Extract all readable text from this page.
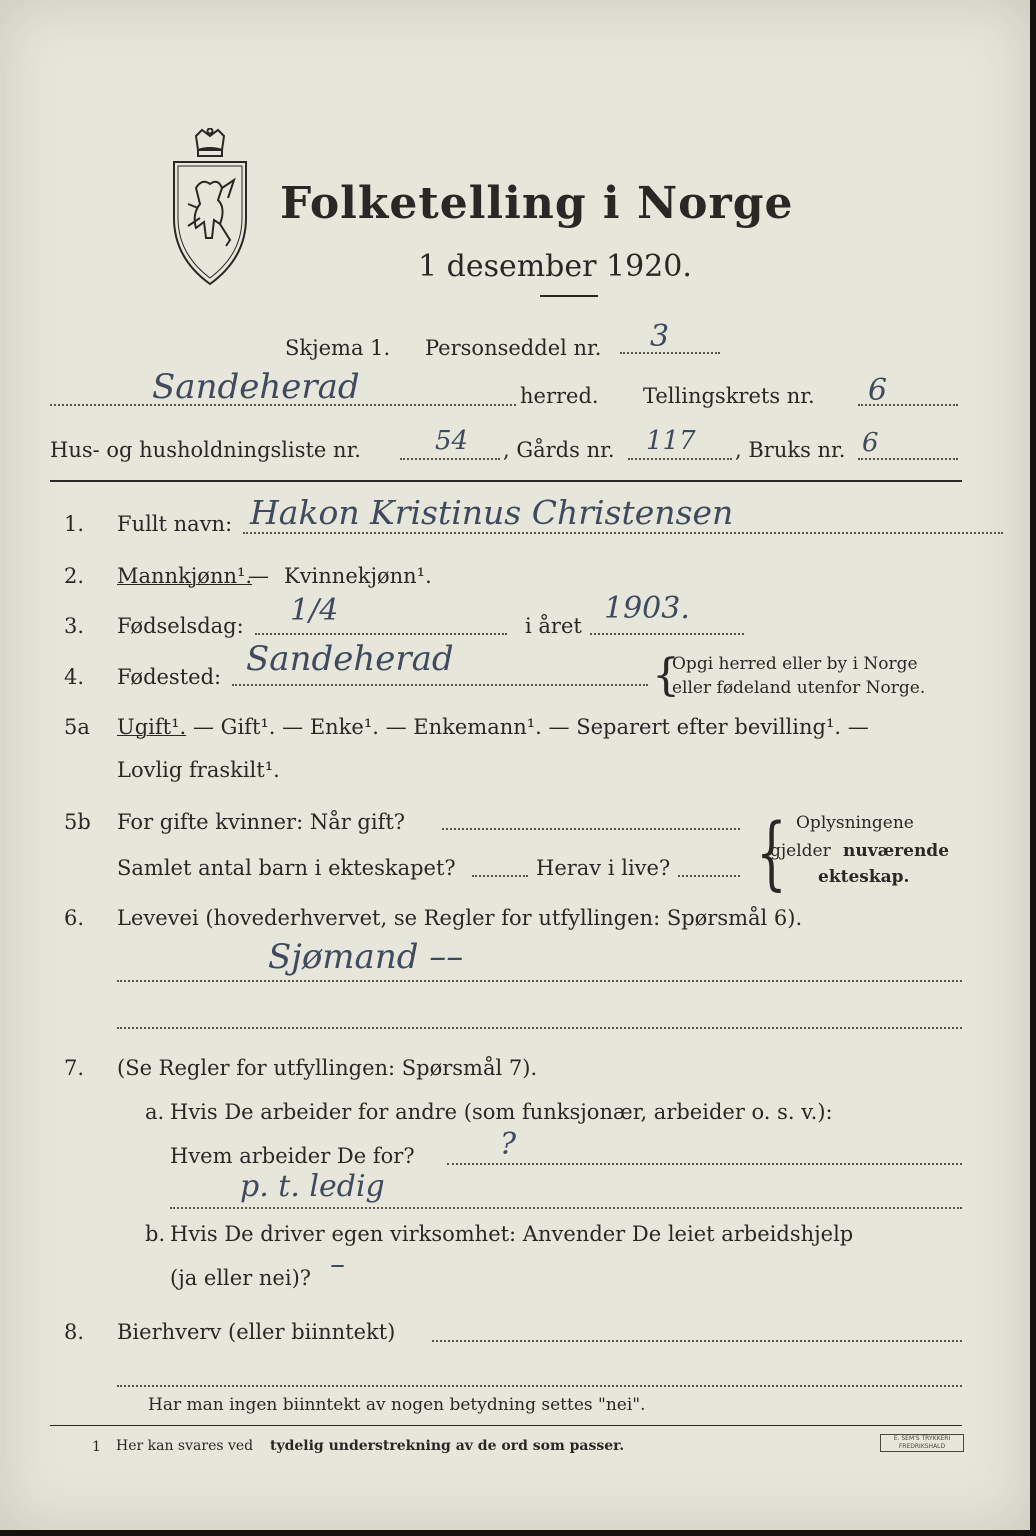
Folketelling i Norge
1 desember 1920.
Skjema 1. Personseddel nr. 3
Sandeherad	herred. Tellingskrets nr. 6
Hus- og husholdningsliste nr.	54 , Gårds nr. 117 , Bruks nr. 6
1. Fullt navn: Hakon Kristinus Christensen
2. Mannkjønn¹.
— Kvinnekjønn¹.
3. Fødselsdag: 1/4	i året 1903.
4. Fødested: Sandeherad	{
Opgi herred eller by i Norge
eller fødeland utenfor Norge.
5a Ugift¹. — Gift¹. — Enke¹. — Enkemann¹. — Separert efter bevilling¹. —
Lovlig fraskilt¹.
5b For gifte kvinner: Når gift?
Samlet antal barn i ekteskapet?	Herav i live? { Oplysningene
gjelder nuværende
ekteskap.
6. Levevei (hovederhvervet, se Regler for utfyllingen: Spørsmål 6).
Sjømand ––
7. (Se Regler for utfyllingen: Spørsmål 7).
a. Hvis De arbeider for andre (som funksjonær, arbeider o. s. v.):
Hvem arbeider De for?	?
p. t. ledig
b. Hvis De driver egen virksomhet: Anvender De leiet arbeidshjelp
(ja eller nei)? –
8. Bierhverv (eller biinntekt)
Har man ingen biinntekt av nogen betydning settes "nei".
1 Her kan svares ved tydelig understrekning av de ord som passer.	E. SEM'S TRYKKERI FREDRIKSHALD
